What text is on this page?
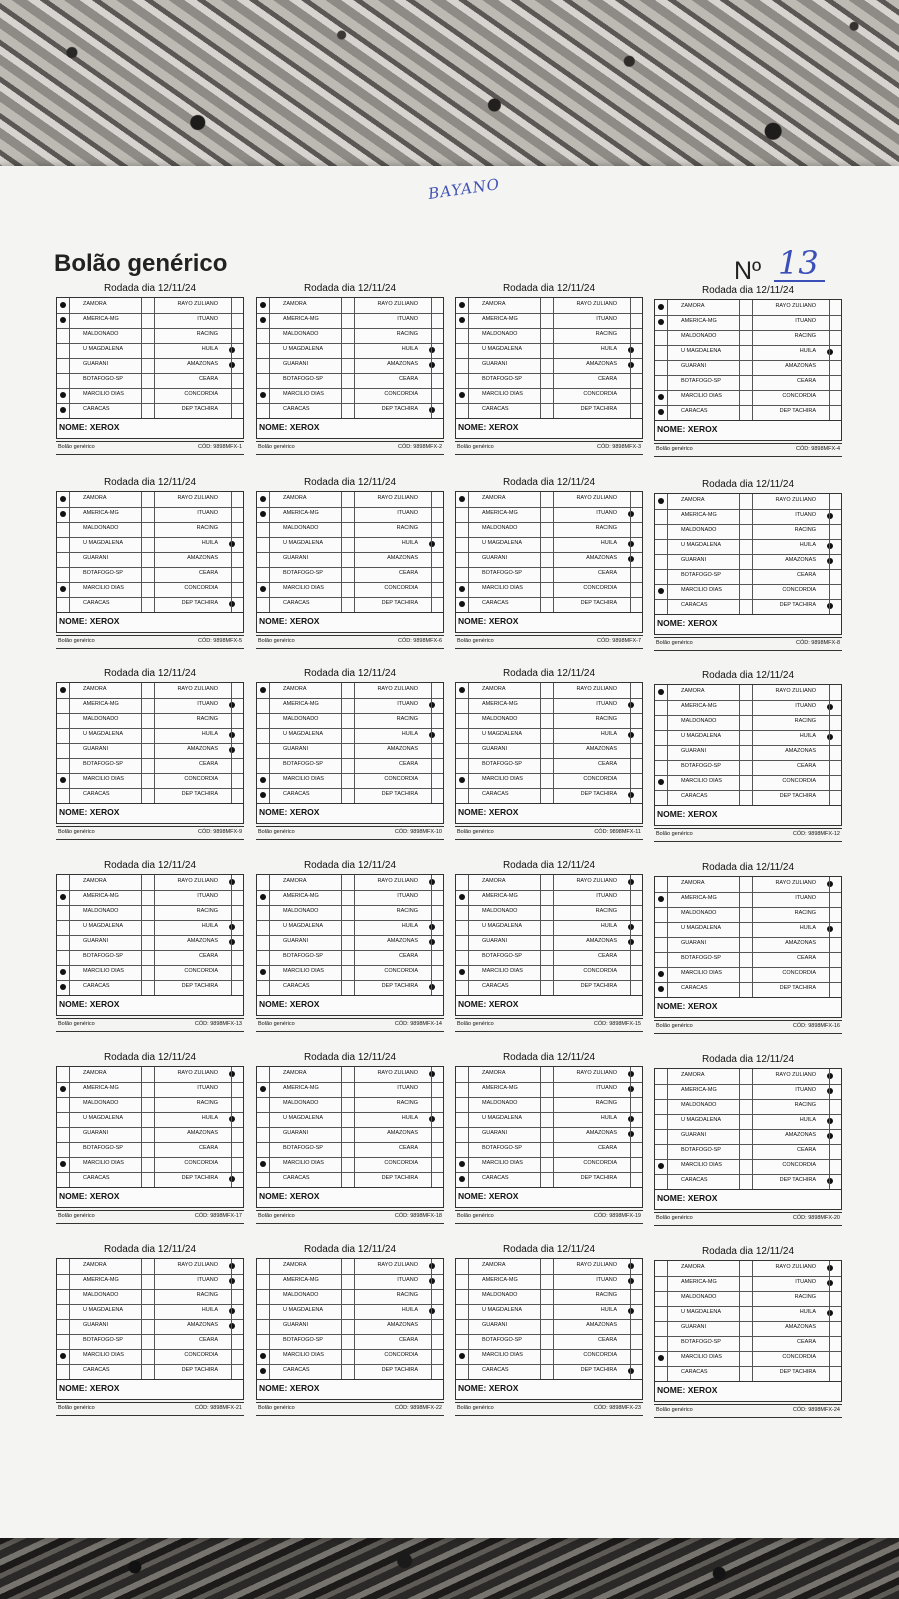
BAYANO
Bolão genérico	Nº 13
Rodada dia 12/11/24
ZAMORA	RAYO ZULIANO
AMERICA-MG	ITUANO
MALDONADO	RACING
U MAGDALENA	HUILA
GUARANI	AMAZONAS
BOTAFOGO-SP	CEARA
MARCILIO DIAS	CONCORDIA
CARACAS	DEP TACHIRA
NOME: XEROX
Bolão genérico	CÓD: 9898MFX-1
Rodada dia 12/11/24
ZAMORA	RAYO ZULIANO
AMERICA-MG	ITUANO
MALDONADO	RACING
U MAGDALENA	HUILA
GUARANI	AMAZONAS
BOTAFOGO-SP	CEARA
MARCILIO DIAS	CONCORDIA
CARACAS	DEP TACHIRA
NOME: XEROX
Bolão genérico	CÓD: 9898MFX-2
Rodada dia 12/11/24
ZAMORA	RAYO ZULIANO
AMERICA-MG	ITUANO
MALDONADO	RACING
U MAGDALENA	HUILA
GUARANI	AMAZONAS
BOTAFOGO-SP	CEARA
MARCILIO DIAS	CONCORDIA
CARACAS	DEP TACHIRA
NOME: XEROX
Bolão genérico	CÓD: 9898MFX-3
Rodada dia 12/11/24
ZAMORA	RAYO ZULIANO
AMERICA-MG	ITUANO
MALDONADO	RACING
U MAGDALENA	HUILA
GUARANI	AMAZONAS
BOTAFOGO-SP	CEARA
MARCILIO DIAS	CONCORDIA
CARACAS	DEP TACHIRA
NOME: XEROX
Bolão genérico	CÓD: 9898MFX-4
Rodada dia 12/11/24
ZAMORA	RAYO ZULIANO
AMERICA-MG	ITUANO
MALDONADO	RACING
U MAGDALENA	HUILA
GUARANI	AMAZONAS
BOTAFOGO-SP	CEARA
MARCILIO DIAS	CONCORDIA
CARACAS	DEP TACHIRA
NOME: XEROX
Bolão genérico	CÓD: 9898MFX-5
Rodada dia 12/11/24
ZAMORA	RAYO ZULIANO
AMERICA-MG	ITUANO
MALDONADO	RACING
U MAGDALENA	HUILA
GUARANI	AMAZONAS
BOTAFOGO-SP	CEARA
MARCILIO DIAS	CONCORDIA
CARACAS	DEP TACHIRA
NOME: XEROX
Bolão genérico	CÓD: 9898MFX-6
Rodada dia 12/11/24
ZAMORA	RAYO ZULIANO
AMERICA-MG	ITUANO
MALDONADO	RACING
U MAGDALENA	HUILA
GUARANI	AMAZONAS
BOTAFOGO-SP	CEARA
MARCILIO DIAS	CONCORDIA
CARACAS	DEP TACHIRA
NOME: XEROX
Bolão genérico	CÓD: 9898MFX-7
Rodada dia 12/11/24
ZAMORA	RAYO ZULIANO
AMERICA-MG	ITUANO
MALDONADO	RACING
U MAGDALENA	HUILA
GUARANI	AMAZONAS
BOTAFOGO-SP	CEARA
MARCILIO DIAS	CONCORDIA
CARACAS	DEP TACHIRA
NOME: XEROX
Bolão genérico	CÓD: 9898MFX-8
Rodada dia 12/11/24
ZAMORA	RAYO ZULIANO
AMERICA-MG	ITUANO
MALDONADO	RACING
U MAGDALENA	HUILA
GUARANI	AMAZONAS
BOTAFOGO-SP	CEARA
MARCILIO DIAS	CONCORDIA
CARACAS	DEP TACHIRA
NOME: XEROX
Bolão genérico	CÓD: 9898MFX-9
Rodada dia 12/11/24
ZAMORA	RAYO ZULIANO
AMERICA-MG	ITUANO
MALDONADO	RACING
U MAGDALENA	HUILA
GUARANI	AMAZONAS
BOTAFOGO-SP	CEARA
MARCILIO DIAS	CONCORDIA
CARACAS	DEP TACHIRA
NOME: XEROX
Bolão genérico	CÓD: 9898MFX-10
Rodada dia 12/11/24
ZAMORA	RAYO ZULIANO
AMERICA-MG	ITUANO
MALDONADO	RACING
U MAGDALENA	HUILA
GUARANI	AMAZONAS
BOTAFOGO-SP	CEARA
MARCILIO DIAS	CONCORDIA
CARACAS	DEP TACHIRA
NOME: XEROX
Bolão genérico	CÓD: 9898MFX-11
Rodada dia 12/11/24
ZAMORA	RAYO ZULIANO
AMERICA-MG	ITUANO
MALDONADO	RACING
U MAGDALENA	HUILA
GUARANI	AMAZONAS
BOTAFOGO-SP	CEARA
MARCILIO DIAS	CONCORDIA
CARACAS	DEP TACHIRA
NOME: XEROX
Bolão genérico	CÓD: 9898MFX-12
Rodada dia 12/11/24
ZAMORA	RAYO ZULIANO
AMERICA-MG	ITUANO
MALDONADO	RACING
U MAGDALENA	HUILA
GUARANI	AMAZONAS
BOTAFOGO-SP	CEARA
MARCILIO DIAS	CONCORDIA
CARACAS	DEP TACHIRA
NOME: XEROX
Bolão genérico	CÓD: 9898MFX-13
Rodada dia 12/11/24
ZAMORA	RAYO ZULIANO
AMERICA-MG	ITUANO
MALDONADO	RACING
U MAGDALENA	HUILA
GUARANI	AMAZONAS
BOTAFOGO-SP	CEARA
MARCILIO DIAS	CONCORDIA
CARACAS	DEP TACHIRA
NOME: XEROX
Bolão genérico	CÓD: 9898MFX-14
Rodada dia 12/11/24
ZAMORA	RAYO ZULIANO
AMERICA-MG	ITUANO
MALDONADO	RACING
U MAGDALENA	HUILA
GUARANI	AMAZONAS
BOTAFOGO-SP	CEARA
MARCILIO DIAS	CONCORDIA
CARACAS	DEP TACHIRA
NOME: XEROX
Bolão genérico	CÓD: 9898MFX-15
Rodada dia 12/11/24
ZAMORA	RAYO ZULIANO
AMERICA-MG	ITUANO
MALDONADO	RACING
U MAGDALENA	HUILA
GUARANI	AMAZONAS
BOTAFOGO-SP	CEARA
MARCILIO DIAS	CONCORDIA
CARACAS	DEP TACHIRA
NOME: XEROX
Bolão genérico	CÓD: 9898MFX-16
Rodada dia 12/11/24
ZAMORA	RAYO ZULIANO
AMERICA-MG	ITUANO
MALDONADO	RACING
U MAGDALENA	HUILA
GUARANI	AMAZONAS
BOTAFOGO-SP	CEARA
MARCILIO DIAS	CONCORDIA
CARACAS	DEP TACHIRA
NOME: XEROX
Bolão genérico	CÓD: 9898MFX-17
Rodada dia 12/11/24
ZAMORA	RAYO ZULIANO
AMERICA-MG	ITUANO
MALDONADO	RACING
U MAGDALENA	HUILA
GUARANI	AMAZONAS
BOTAFOGO-SP	CEARA
MARCILIO DIAS	CONCORDIA
CARACAS	DEP TACHIRA
NOME: XEROX
Bolão genérico	CÓD: 9898MFX-18
Rodada dia 12/11/24
ZAMORA	RAYO ZULIANO
AMERICA-MG	ITUANO
MALDONADO	RACING
U MAGDALENA	HUILA
GUARANI	AMAZONAS
BOTAFOGO-SP	CEARA
MARCILIO DIAS	CONCORDIA
CARACAS	DEP TACHIRA
NOME: XEROX
Bolão genérico	CÓD: 9898MFX-19
Rodada dia 12/11/24
ZAMORA	RAYO ZULIANO
AMERICA-MG	ITUANO
MALDONADO	RACING
U MAGDALENA	HUILA
GUARANI	AMAZONAS
BOTAFOGO-SP	CEARA
MARCILIO DIAS	CONCORDIA
CARACAS	DEP TACHIRA
NOME: XEROX
Bolão genérico	CÓD: 9898MFX-20
Rodada dia 12/11/24
ZAMORA	RAYO ZULIANO
AMERICA-MG	ITUANO
MALDONADO	RACING
U MAGDALENA	HUILA
GUARANI	AMAZONAS
BOTAFOGO-SP	CEARA
MARCILIO DIAS	CONCORDIA
CARACAS	DEP TACHIRA
NOME: XEROX
Bolão genérico	CÓD: 9898MFX-21
Rodada dia 12/11/24
ZAMORA	RAYO ZULIANO
AMERICA-MG	ITUANO
MALDONADO	RACING
U MAGDALENA	HUILA
GUARANI	AMAZONAS
BOTAFOGO-SP	CEARA
MARCILIO DIAS	CONCORDIA
CARACAS	DEP TACHIRA
NOME: XEROX
Bolão genérico	CÓD: 9898MFX-22
Rodada dia 12/11/24
ZAMORA	RAYO ZULIANO
AMERICA-MG	ITUANO
MALDONADO	RACING
U MAGDALENA	HUILA
GUARANI	AMAZONAS
BOTAFOGO-SP	CEARA
MARCILIO DIAS	CONCORDIA
CARACAS	DEP TACHIRA
NOME: XEROX
Bolão genérico	CÓD: 9898MFX-23
Rodada dia 12/11/24
ZAMORA	RAYO ZULIANO
AMERICA-MG	ITUANO
MALDONADO	RACING
U MAGDALENA	HUILA
GUARANI	AMAZONAS
BOTAFOGO-SP	CEARA
MARCILIO DIAS	CONCORDIA
CARACAS	DEP TACHIRA
NOME: XEROX
Bolão genérico	CÓD: 9898MFX-24
